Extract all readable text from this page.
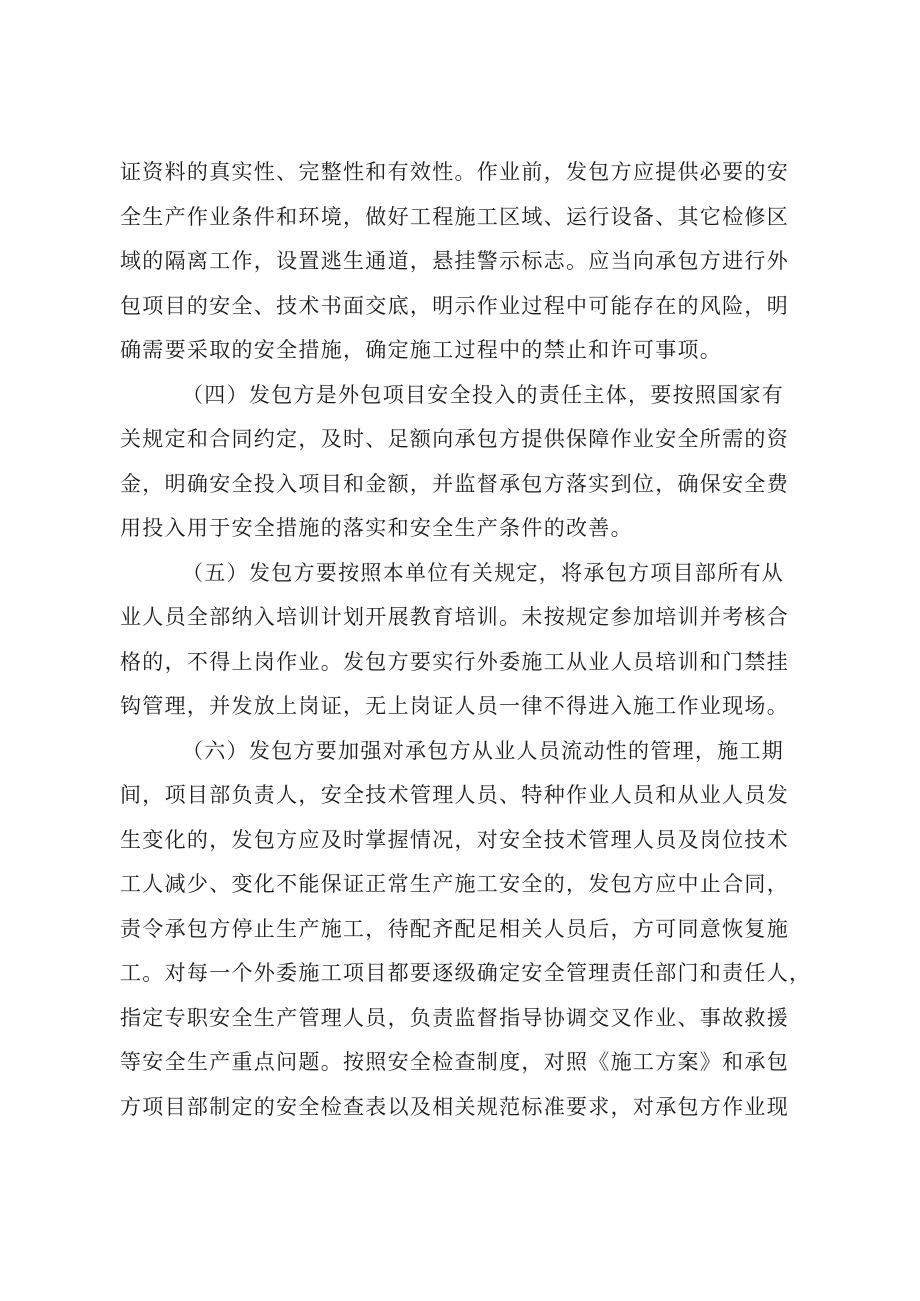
证资料的真实性、完整性和有效性。作业前，发包方应提供必要的安
全生产作业条件和环境，做好工程施工区域、运行设备、其它检修区
域的隔离工作，设置逃生通道，悬挂警示标志。应当向承包方进行外
包项目的安全、技术书面交底，明示作业过程中可能存在的风险，明
确需要采取的安全措施，确定施工过程中的禁止和许可事项。

（四）发包方是外包项目安全投入的责任主体，要按照国家有
关规定和合同约定，及时、足额向承包方提供保障作业安全所需的资
金，明确安全投入项目和金额，并监督承包方落实到位，确保安全费
用投入用于安全措施的落实和安全生产条件的改善。

（五）发包方要按照本单位有关规定，将承包方项目部所有从
业人员全部纳入培训计划开展教育培训。未按规定参加培训并考核合
格的，不得上岗作业。发包方要实行外委施工从业人员培训和门禁挂
钩管理，并发放上岗证，无上岗证人员一律不得进入施工作业现场。

（六）发包方要加强对承包方从业人员流动性的管理，施工期
间，项目部负责人，安全技术管理人员、特种作业人员和从业人员发
生变化的，发包方应及时掌握情况，对安全技术管理人员及岗位技术
工人减少、变化不能保证正常生产施工安全的，发包方应中止合同，
责令承包方停止生产施工，待配齐配足相关人员后，方可同意恢复施
工。对每一个外委施工项目都要逐级确定安全管理责任部门和责任人，
指定专职安全生产管理人员，负责监督指导协调交叉作业、事故救援
等安全生产重点问题。按照安全检查制度，对照《施工方案》和承包
方项目部制定的安全检查表以及相关规范标准要求，对承包方作业现
